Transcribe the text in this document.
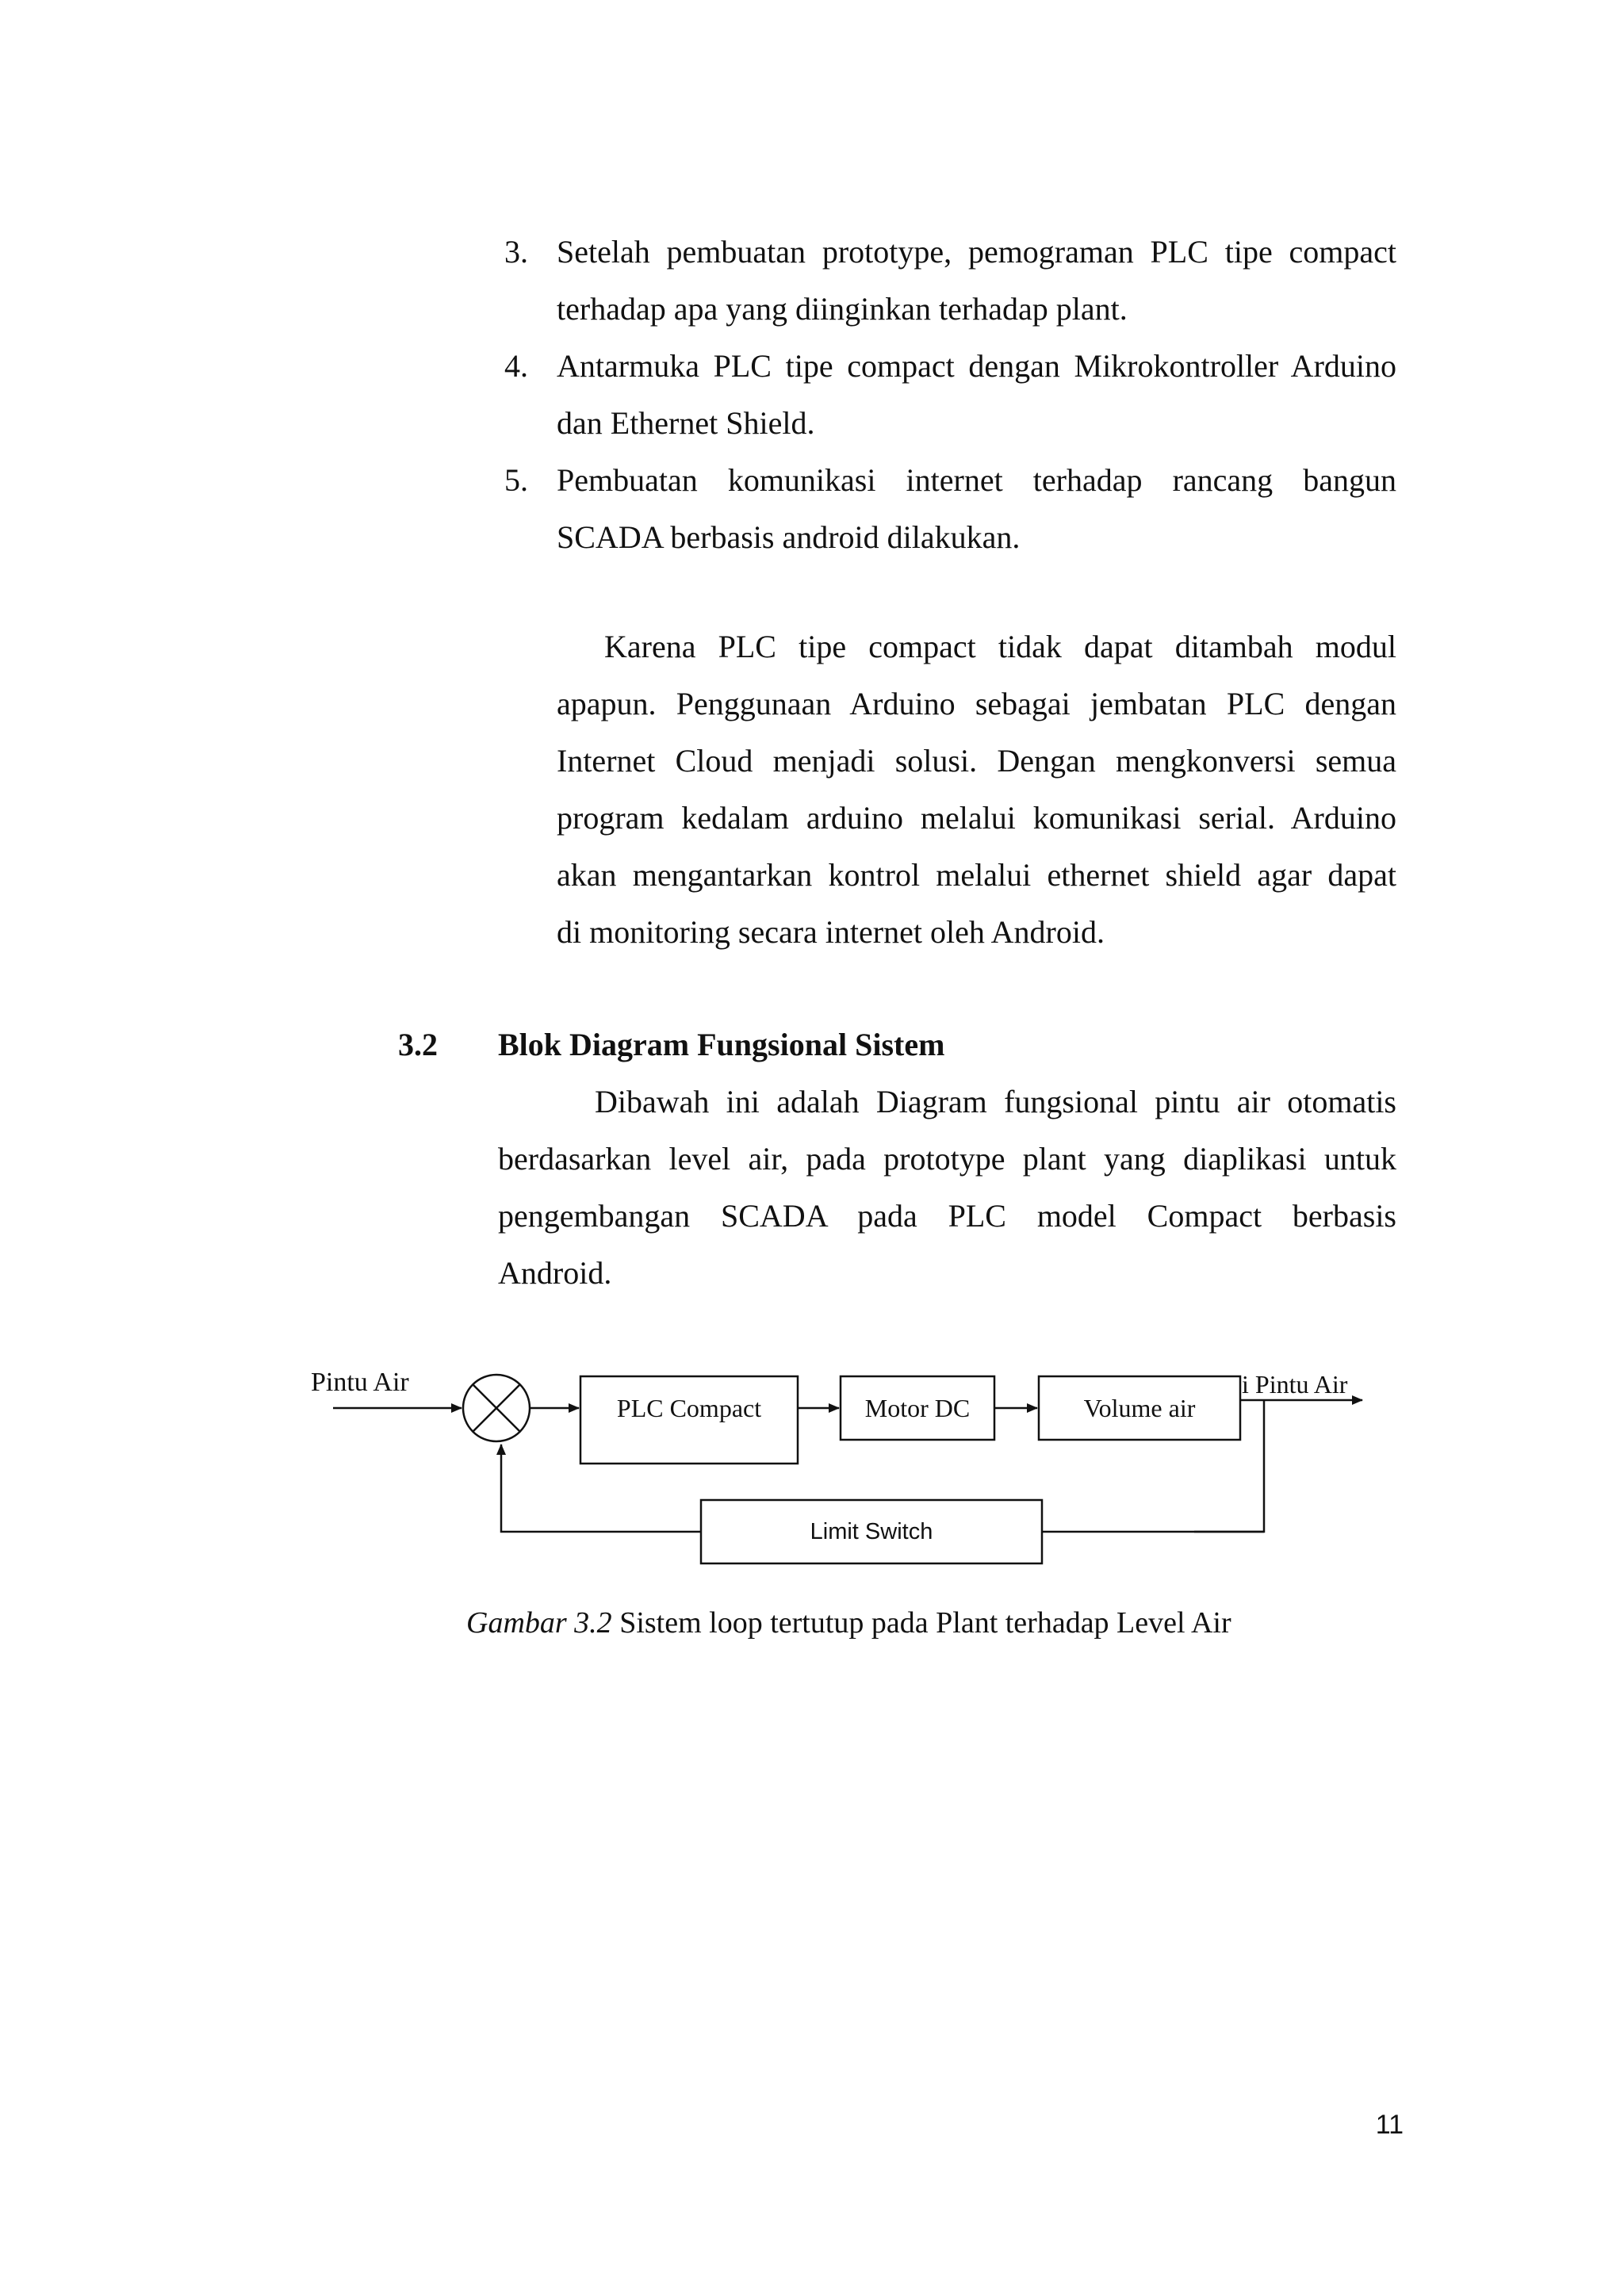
3. Setelah pembuatan prototype, pemograman PLC tipe compact
terhadap apa yang diinginkan terhadap plant.
4. Antarmuka PLC tipe compact dengan Mikrokontroller Arduino
dan Ethernet Shield.
5. Pembuatan komunikasi internet terhadap rancang bangun
SCADA berbasis android dilakukan.
Karena PLC tipe compact tidak dapat ditambah modul
apapun. Penggunaan Arduino sebagai jembatan PLC dengan
Internet Cloud menjadi solusi. Dengan mengkonversi semua
program kedalam arduino melalui komunikasi serial. Arduino
akan mengantarkan kontrol melalui ethernet shield agar dapat
di monitoring secara internet oleh Android.
3.2 Blok Diagram Fungsional Sistem
Dibawah ini adalah Diagram fungsional pintu air otomatis
berdasarkan level air, pada prototype plant yang diaplikasi untuk
pengembangan SCADA pada PLC model Compact berbasis
Android.
Pintu Air	i Pintu Air
PLC Compact	Motor DC	Volume air
Limit Switch
Gambar 3.2 Sistem loop tertutup pada Plant terhadap Level Air
11
